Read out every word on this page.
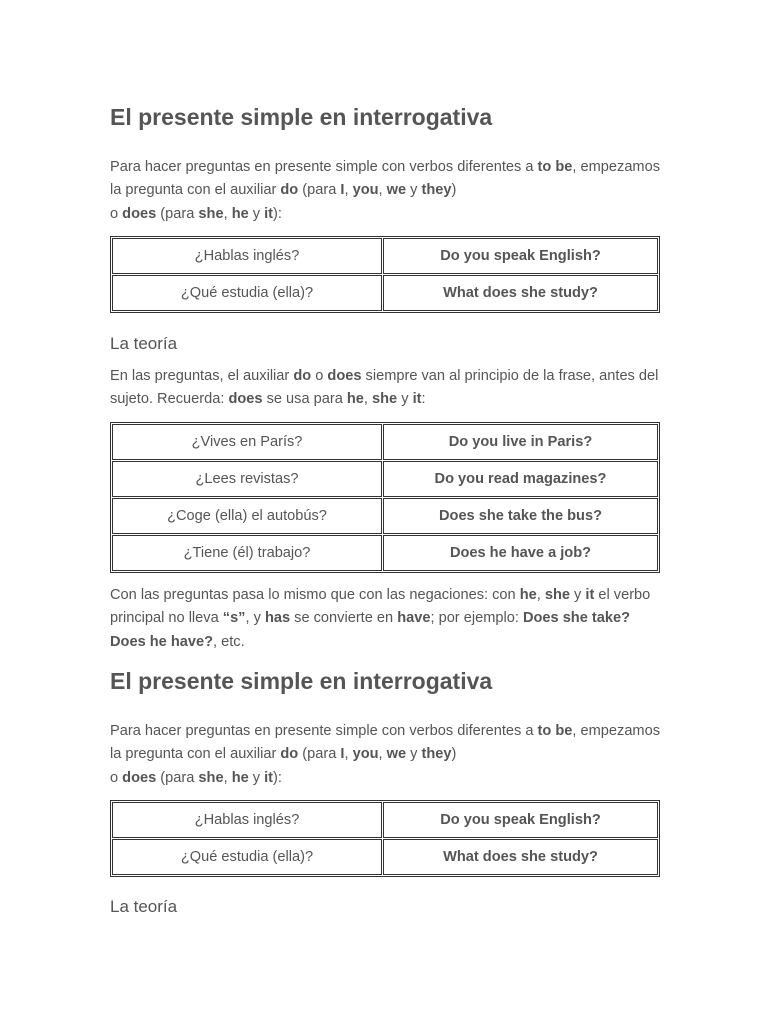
El presente simple en interrogativa

Para hacer preguntas en presente simple con verbos diferentes a to be, empezamos la pregunta con el auxiliar do (para I, you, we y they)
o does (para she, he y it):

¿Hablas inglés?	Do you speak English?
¿Qué estudia (ella)?	What does she study?
La teoría

En las preguntas, el auxiliar do o does siempre van al principio de la frase, antes del sujeto. Recuerda: does se usa para he, she y it:

¿Vives en París?	Do you live in Paris?
¿Lees revistas?	Do you read magazines?
¿Coge (ella) el autobús?	Does she take the bus?
¿Tiene (él) trabajo?	Does he have a job?

Con las preguntas pasa lo mismo que con las negaciones: con he, she y it el verbo principal no lleva “s”, y has se convierte en have; por ejemplo: Does she take? Does he have?, etc.

El presente simple en interrogativa

Para hacer preguntas en presente simple con verbos diferentes a to be, empezamos la pregunta con el auxiliar do (para I, you, we y they)
o does (para she, he y it):

¿Hablas inglés?	Do you speak English?
¿Qué estudia (ella)?	What does she study?
La teoría
